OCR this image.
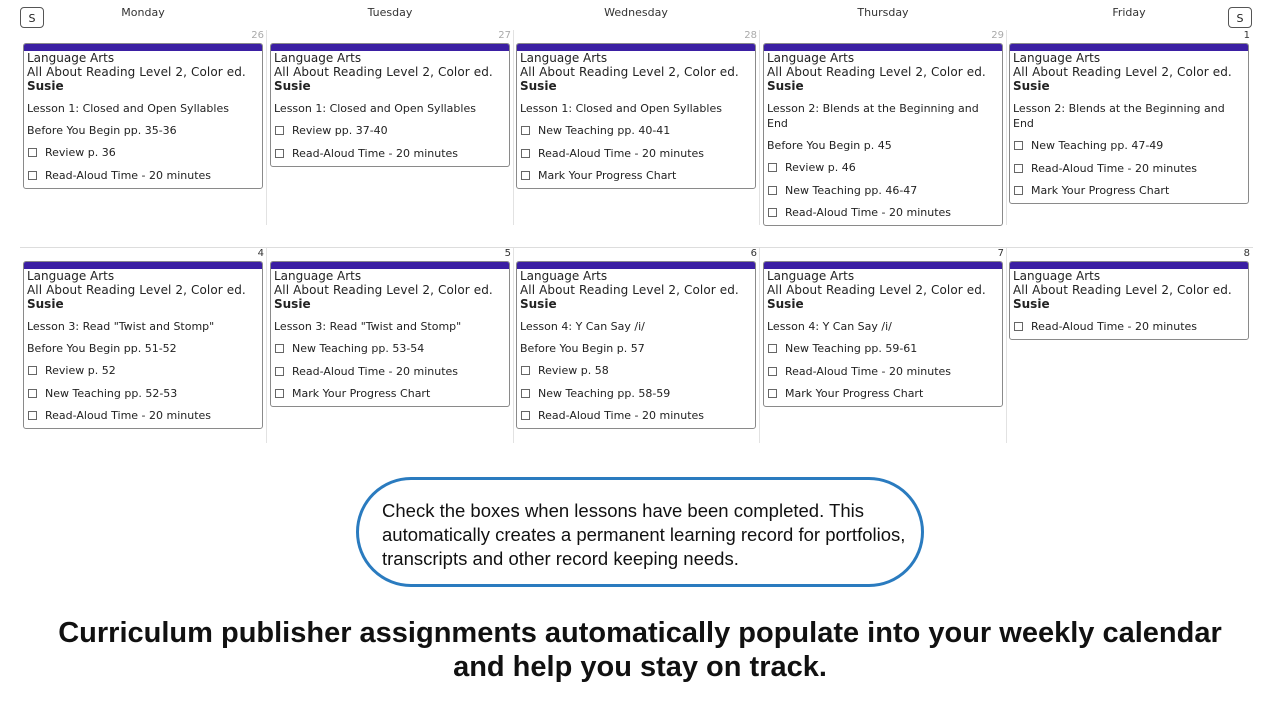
S	S
Monday	Tuesday	Wednesday	Thursday	Friday
26
Language Arts
All About Reading Level 2, Color ed.
Susie
Lesson 1: Closed and Open Syllables
Before You Begin pp. 35-36
Review p. 36
Read-Aloud Time - 20 minutes
27
Language Arts
All About Reading Level 2, Color ed.
Susie
Lesson 1: Closed and Open Syllables
Review pp. 37-40
Read-Aloud Time - 20 minutes
28
Language Arts
All About Reading Level 2, Color ed.
Susie
Lesson 1: Closed and Open Syllables
New Teaching pp. 40-41
Read-Aloud Time - 20 minutes
Mark Your Progress Chart
29
Language Arts
All About Reading Level 2, Color ed.
Susie
Lesson 2: Blends at the Beginning and End
Before You Begin p. 45
Review p. 46
New Teaching pp. 46-47
Read-Aloud Time - 20 minutes
1
Language Arts
All About Reading Level 2, Color ed.
Susie
Lesson 2: Blends at the Beginning and End
New Teaching pp. 47-49
Read-Aloud Time - 20 minutes
Mark Your Progress Chart
4
Language Arts
All About Reading Level 2, Color ed.
Susie
Lesson 3: Read "Twist and Stomp"
Before You Begin pp. 51-52
Review p. 52
New Teaching pp. 52-53
Read-Aloud Time - 20 minutes
5
Language Arts
All About Reading Level 2, Color ed.
Susie
Lesson 3: Read "Twist and Stomp"
New Teaching pp. 53-54
Read-Aloud Time - 20 minutes
Mark Your Progress Chart
6
Language Arts
All About Reading Level 2, Color ed.
Susie
Lesson 4: Y Can Say /i/
Before You Begin p. 57
Review p. 58
New Teaching pp. 58-59
Read-Aloud Time - 20 minutes
7
Language Arts
All About Reading Level 2, Color ed.
Susie
Lesson 4: Y Can Say /i/
New Teaching pp. 59-61
Read-Aloud Time - 20 minutes
Mark Your Progress Chart
8
Language Arts
All About Reading Level 2, Color ed.
Susie
Read-Aloud Time - 20 minutes

Check the boxes when lessons have been completed. This automatically creates a permanent learning record for portfolios, transcripts and other record keeping needs.

Curriculum publisher assignments automatically populate into your weekly calendar and help you stay on track.
